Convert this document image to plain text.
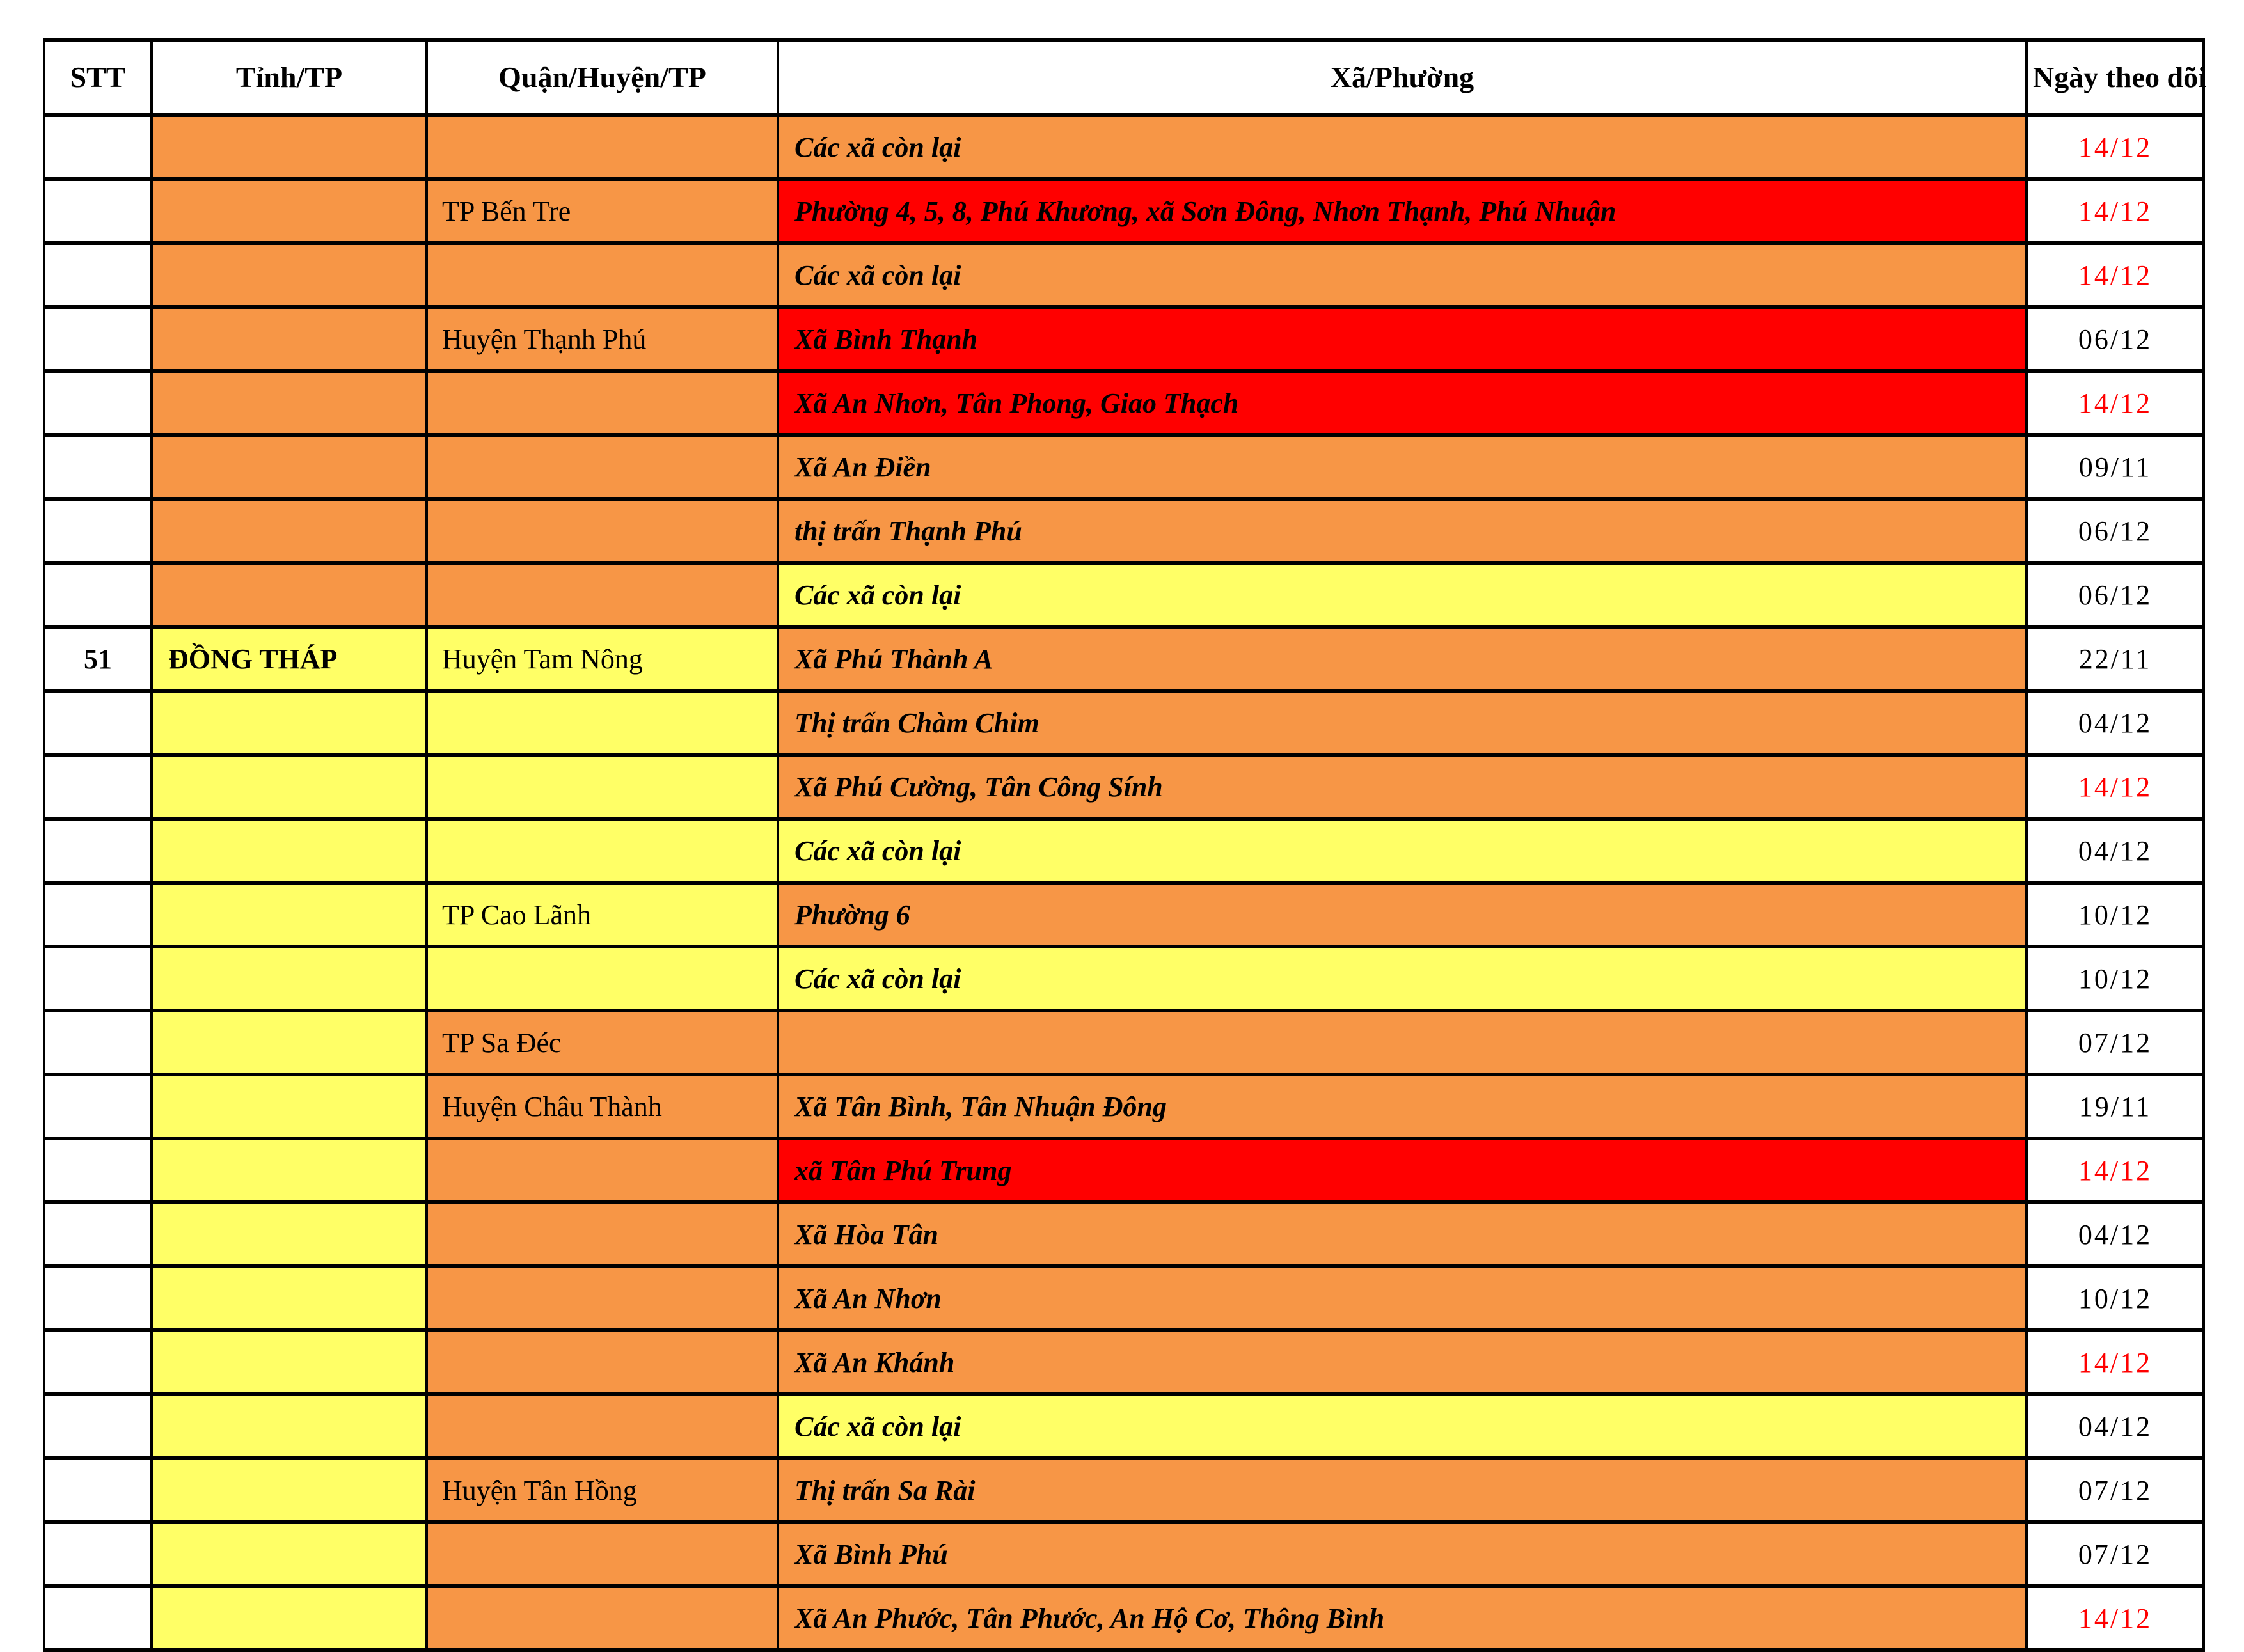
STT	Tỉnh/TP	Quận/Huyện/TP	Xã/Phường	Ngày theo dõi
			Các xã còn lại	14/12
		TP Bến Tre	Phường 4, 5, 8, Phú Khương, xã Sơn Đông, Nhơn Thạnh, Phú Nhuận	14/12
			Các xã còn lại	14/12
		Huyện Thạnh Phú	Xã Bình Thạnh	06/12
			Xã An Nhơn, Tân Phong, Giao Thạch	14/12
			Xã An Điền	09/11
			thị trấn Thạnh Phú	06/12
			Các xã còn lại	06/12
51	ĐỒNG THÁP	Huyện Tam Nông	Xã Phú Thành A	22/11
			Thị trấn Chàm Chim	04/12
			Xã Phú Cường, Tân Công Sính	14/12
			Các xã còn lại	04/12
		TP Cao Lãnh	Phường 6	10/12
			Các xã còn lại	10/12
		TP Sa Đéc		07/12
		Huyện Châu Thành	Xã Tân Bình, Tân Nhuận Đông	19/11
			xã Tân Phú Trung	14/12
			Xã Hòa Tân	04/12
			Xã An Nhơn	10/12
			Xã An Khánh	14/12
			Các xã còn lại	04/12
		Huyện Tân Hồng	Thị trấn Sa Rài	07/12
			Xã Bình Phú	07/12
			Xã An Phước, Tân Phước, An Hộ Cơ, Thông Bình	14/12
